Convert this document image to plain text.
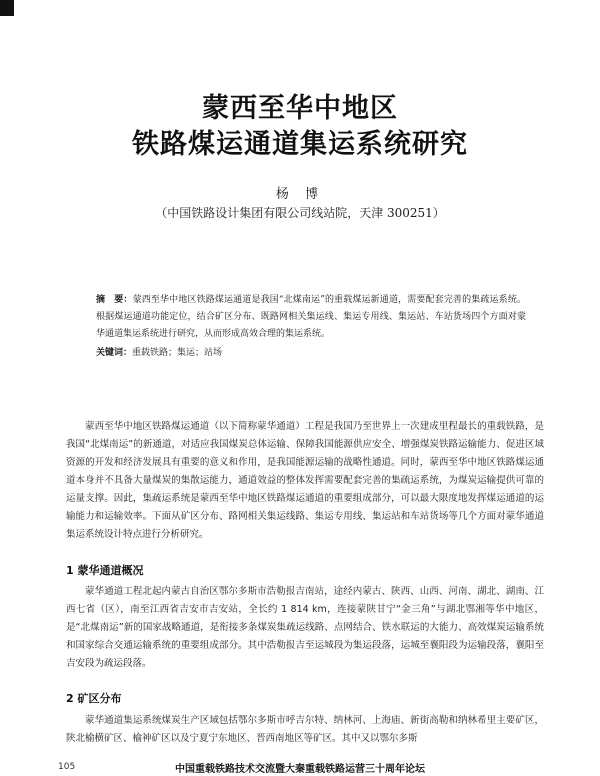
蒙西至华中地区
铁路煤运通道集运系统研究
杨 博
（中国铁路设计集团有限公司线站院，天津 300251）
摘　要：蒙西至华中地区铁路煤运通道是我国“北煤南运”的重载煤运新通道，需要配套完善的集疏运系统。根据煤运通道功能定位，结合矿区分布、既路网相关集运线、集运专用线、集运站、车站货场四个方面对蒙华通道集运系统进行研究，从而形成高效合理的集运系统。
关键词：重载铁路；集运；站场

蒙西至华中地区铁路煤运通道（以下简称蒙华通道）工程是我国乃至世界上一次建成里程最长的重载铁路，是我国“北煤南运”的新通道，对适应我国煤炭总体运输、保障我国能源供应安全、增强煤炭铁路运输能力、促进区域资源的开发和经济发展具有重要的意义和作用，是我国能源运输的战略性通道。同时，蒙西至华中地区铁路煤运通道本身并不具备大量煤炭的集散运能力，通道效益的整体发挥需要配套完善的集疏运系统，为煤炭运输提供可靠的运量支撑。因此，集疏运系统是蒙西至华中地区铁路煤运通道的重要组成部分，可以最大限度地发挥煤运通道的运输能力和运输效率。下面从矿区分布、路网相关集运线路、集运专用线、集运站和车站货场等几个方面对蒙华通道集运系统设计特点进行分析研究。

1 蒙华通道概况

蒙华通道工程北起内蒙古自治区鄂尔多斯市浩勒报吉南站，途经内蒙古、陕西、山西、河南、湖北、湖南、江西七省（区），南至江西省吉安市吉安站，全长约 1 814 km，连接蒙陕甘宁“金三角”与湖北鄂湘等华中地区，是“北煤南运”新的国家战略通道，是衔接多条煤炭集疏运线路、点网结合、铁水联运的大能力、高效煤炭运输系统和国家综合交通运输系统的重要组成部分。其中浩勒报吉至运城段为集运段落，运城至襄阳段为运输段落，襄阳至吉安段为疏运段落。

2 矿区分布

蒙华通道集运系统煤炭生产区域包括鄂尔多斯市呼吉尔特、纳林河、上海庙、新街高勒和纳林希里主要矿区，陕北榆横矿区、榆神矿区以及宁夏宁东地区、晋西南地区等矿区。其中又以鄂尔多斯

105	中国重载铁路技术交流暨大秦重载铁路运营三十周年论坛
